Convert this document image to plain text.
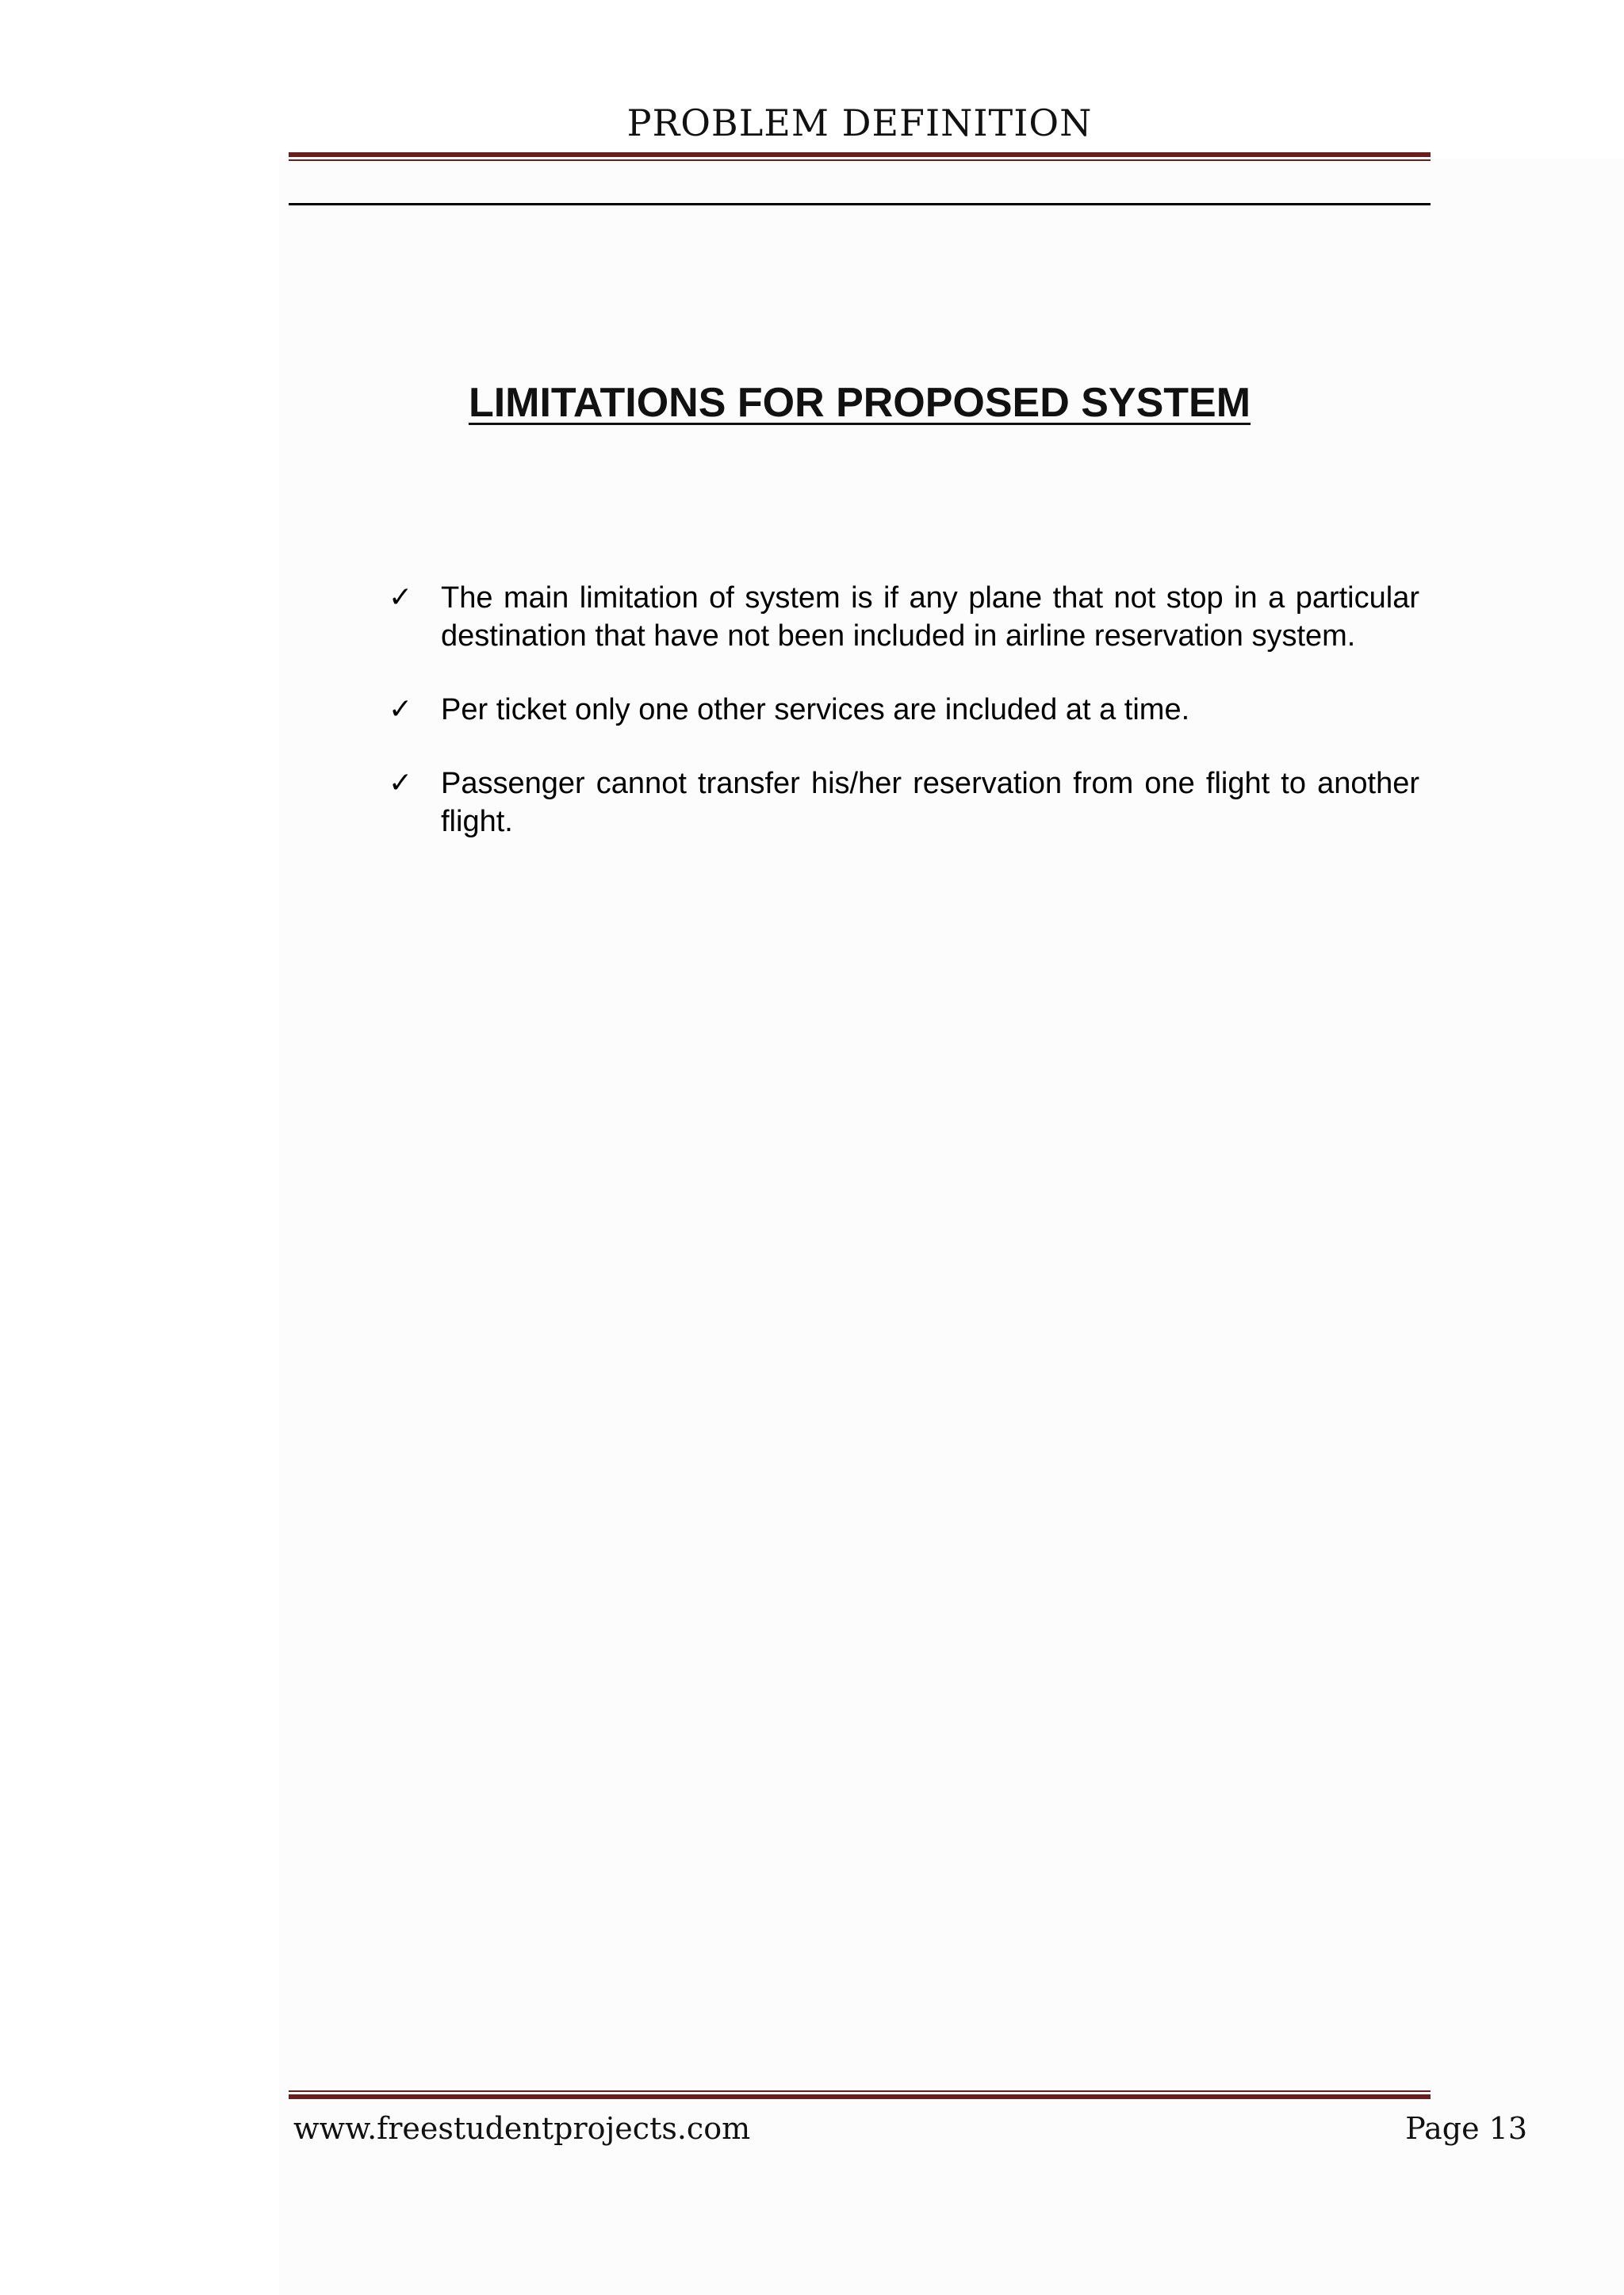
PROBLEM DEFINITION
LIMITATIONS FOR PROPOSED SYSTEM
✓ The main limitation of system is if any plane that not stop in a particular destination that have not been included in airline reservation system.
✓ Per ticket only one other services are included at a time.
✓ Passenger cannot transfer his/her reservation from one flight to another flight.
www.freestudentprojects.com	Page 13
